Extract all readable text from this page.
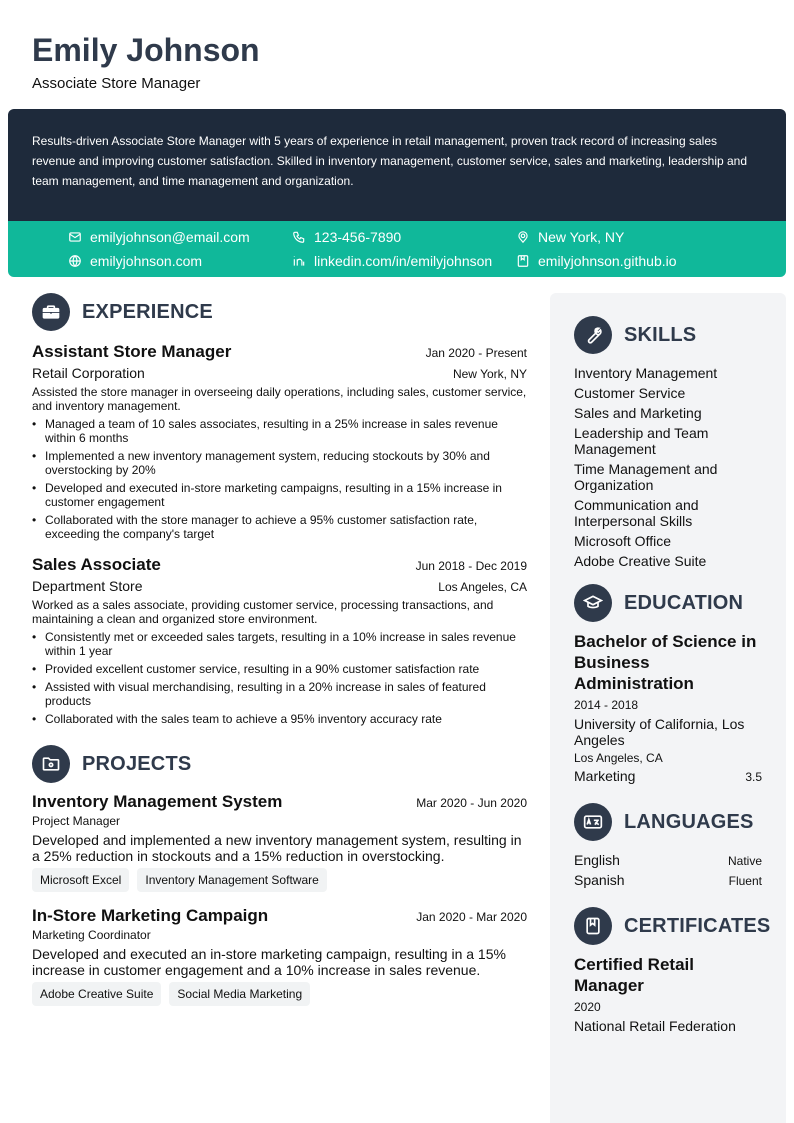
Emily Johnson
Associate Store Manager

Results-driven Associate Store Manager with 5 years of experience in retail management, proven track record of increasing sales revenue and improving customer satisfaction. Skilled in inventory management, customer service, sales and marketing, leadership and team management, and time management and organization.

emilyjohnson@email.com	123-456-7890	New York, NY
emilyjohnson.com	linkedin.com/in/emilyjohnson	emilyjohnson.github.io
EXPERIENCE
Assistant Store Manager	Jan 2020 - Present
Retail Corporation	New York, NY
Assisted the store manager in overseeing daily operations, including sales, customer service, and inventory management.
• Managed a team of 10 sales associates, resulting in a 25% increase in sales revenue within 6 months
• Implemented a new inventory management system, reducing stockouts by 30% and overstocking by 20%
• Developed and executed in-store marketing campaigns, resulting in a 15% increase in customer engagement
• Collaborated with the store manager to achieve a 95% customer satisfaction rate, exceeding the company's target
Sales Associate	Jun 2018 - Dec 2019
Department Store	Los Angeles, CA
Worked as a sales associate, providing customer service, processing transactions, and maintaining a clean and organized store environment.
• Consistently met or exceeded sales targets, resulting in a 10% increase in sales revenue within 1 year
• Provided excellent customer service, resulting in a 90% customer satisfaction rate
• Assisted with visual merchandising, resulting in a 20% increase in sales of featured products
• Collaborated with the sales team to achieve a 95% inventory accuracy rate
PROJECTS
Inventory Management System	Mar 2020 - Jun 2020
Project Manager
Developed and implemented a new inventory management system, resulting in a 25% reduction in stockouts and a 15% reduction in overstocking.
Microsoft Excel	Inventory Management Software
In-Store Marketing Campaign	Jan 2020 - Mar 2020
Marketing Coordinator
Developed and executed an in-store marketing campaign, resulting in a 15% increase in customer engagement and a 10% increase in sales revenue.
Adobe Creative Suite	Social Media Marketing
SKILLS
Inventory Management
Customer Service
Sales and Marketing
Leadership and Team Management
Time Management and Organization
Communication and Interpersonal Skills
Microsoft Office
Adobe Creative Suite
EDUCATION
Bachelor of Science in Business Administration
2014 - 2018
University of California, Los Angeles
Los Angeles, CA
Marketing	3.5
LANGUAGES
English	Native
Spanish	Fluent
CERTIFICATES
Certified Retail Manager
2020
National Retail Federation
